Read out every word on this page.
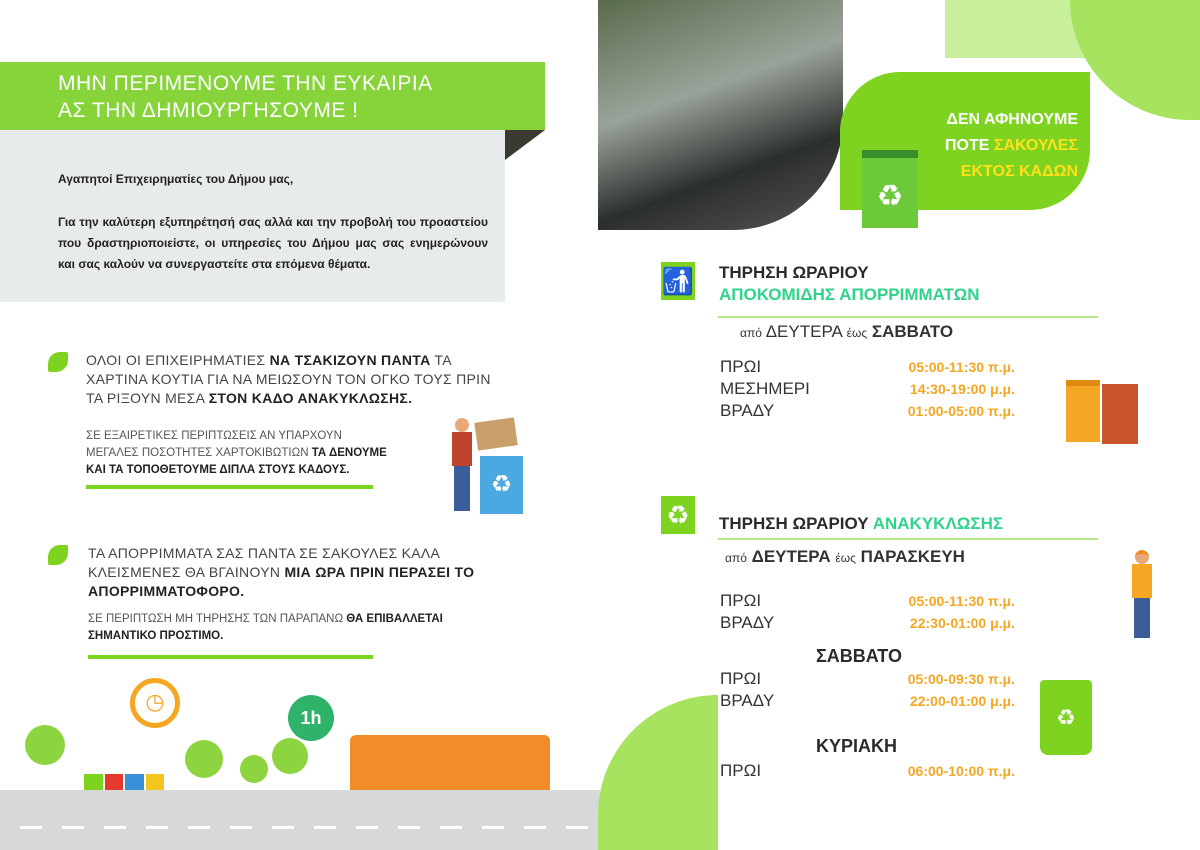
ΜΗΝ ΠΕΡΙΜΕΝΟΥΜΕ ΤΗΝ ΕΥΚΑΙΡΙΑ
ΑΣ ΤΗΝ ΔΗΜΙΟΥΡΓΗΣΟΥΜΕ !
Αγαπητοί Επιχειρηματίες του Δήμου μας,
Για την καλύτερη εξυπηρέτησή σας αλλά και την προβολή του προαστείου που δραστηριοποιείστε, οι υπηρεσίες του Δήμου μας σας ενημερώνουν και σας καλούν να συνεργαστείτε στα επόμενα θέματα.
ΟΛΟΙ ΟΙ ΕΠΙΧΕΙΡΗΜΑΤΙΕΣ ΝΑ ΤΣΑΚΙΖΟΥΝ ΠΑΝΤΑ ΤΑ ΧΑΡΤΙΝΑ ΚΟΥΤΙΑ ΓΙΑ ΝΑ ΜΕΙΩΣΟΥΝ ΤΟΝ ΟΓΚΟ ΤΟΥΣ ΠΡΙΝ ΤΑ ΡΙΞΟΥΝ ΜΕΣΑ ΣΤΟΝ ΚΑΔΟ ΑΝΑΚΥΚΛΩΣΗΣ.
ΣΕ ΕΞΑΙΡΕΤΙΚΕΣ ΠΕΡΙΠΤΩΣΕΙΣ ΑΝ ΥΠΑΡΧΟΥΝ ΜΕΓΑΛΕΣ ΠΟΣΟΤΗΤΕΣ ΧΑΡΤΟΚΙΒΩΤΙΩΝ ΤΑ ΔΕΝΟΥΜΕ ΚΑΙ ΤΑ ΤΟΠΟΘΕΤΟΥΜΕ ΔΙΠΛΑ ΣΤΟΥΣ ΚΑΔΟΥΣ.
♻
ΤΑ ΑΠΟΡΡΙΜΜΑΤΑ ΣΑΣ ΠΑΝΤΑ ΣΕ ΣΑΚΟΥΛΕΣ ΚΑΛΑ ΚΛΕΙΣΜΕΝΕΣ ΘΑ ΒΓΑΙΝΟΥΝ ΜΙΑ ΩΡΑ ΠΡΙΝ ΠΕΡΑΣΕΙ ΤΟ ΑΠΟΡΡΙΜΜΑΤΟΦΟΡΟ.
ΣΕ ΠΕΡΙΠΤΩΣΗ ΜΗ ΤΗΡΗΣΗΣ ΤΩΝ ΠΑΡΑΠΑΝΩ ΘΑ ΕΠΙΒΑΛΛΕΤΑΙ ΣΗΜΑΝΤΙΚΟ ΠΡΟΣΤΙΜΟ.
◷
1h
ΔΕΝ ΑΦΗΝΟΥΜΕ
ΠΟΤΕ ΣΑΚΟΥΛΕΣ
ΕΚΤΟΣ ΚΑΔΩΝ
♻
🚮 ΤΗΡΗΣΗ ΩΡΑΡΙΟΥ
ΑΠΟΚΟΜΙΔΗΣ ΑΠΟΡΡΙΜΜΑΤΩΝ
από ΔΕΥΤΕΡΑ έως ΣΑΒΒΑΤΟ
ΠΡΩΙ	05:00-11:30 π.μ.
ΜΕΣΗΜΕΡΙ	14:30-19:00 μ.μ.
ΒΡΑΔΥ	01:00-05:00 π.μ.
♻	ΤΗΡΗΣΗ ΩΡΑΡΙΟΥ ΑΝΑΚΥΚΛΩΣΗΣ
από ΔΕΥΤΕΡΑ έως ΠΑΡΑΣΚΕΥΗ
ΠΡΩΙ	05:00-11:30 π.μ.
ΒΡΑΔΥ	22:30-01:00 μ.μ.
ΣΑΒΒΑΤΟ
ΠΡΩΙ	05:00-09:30 π.μ.
ΒΡΑΔΥ	22:00-01:00 μ.μ.
ΚΥΡΙΑΚΗ
ΠΡΩΙ	06:00-10:00 π.μ.
♻
